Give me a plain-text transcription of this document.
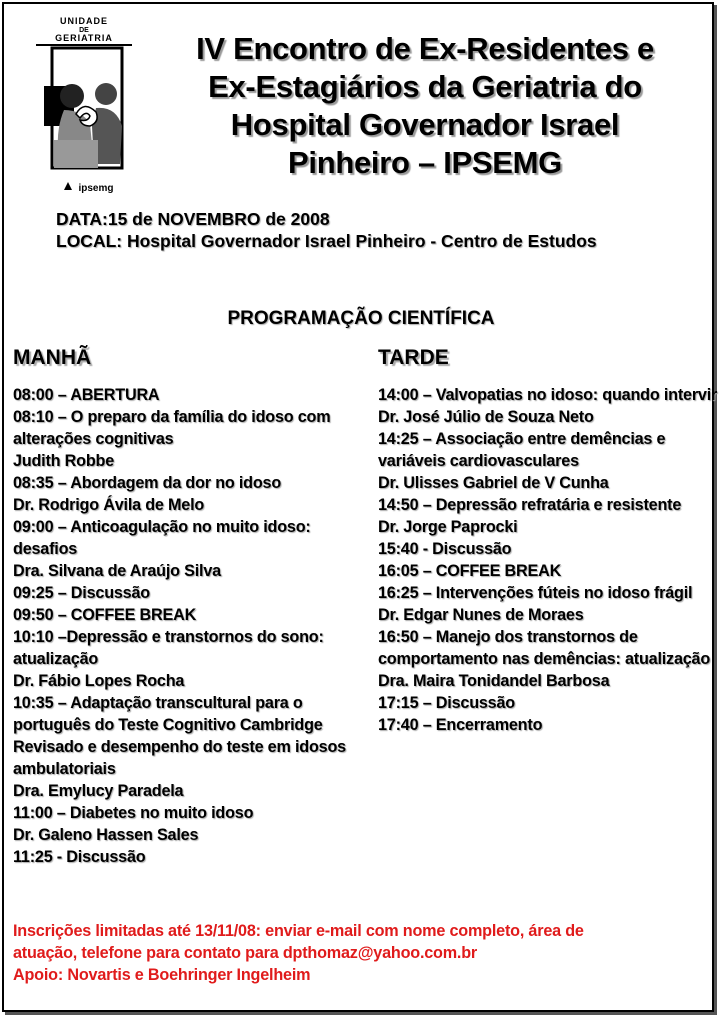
UNIDADE
DE
GERIATRIA
ipsemg
IV Encontro de Ex-Residentes e
Ex-Estagiários da Geriatria do
Hospital Governador Israel
Pinheiro – IPSEMG
DATA:15 de NOVEMBRO de 2008
LOCAL: Hospital Governador Israel Pinheiro - Centro de Estudos
PROGRAMAÇÃO CIENTÍFICA
MANHÃ
08:00 – ABERTURA
08:10 – O preparo da família do idoso com alterações cognitivas
Judith Robbe
08:35 – Abordagem da dor no idoso
Dr. Rodrigo Ávila de Melo
09:00 – Anticoagulação no muito idoso: desafios
Dra. Silvana de Araújo Silva
09:25 – Discussão
09:50 – COFFEE BREAK
10:10 –Depressão e transtornos do sono: atualização
Dr. Fábio Lopes Rocha
10:35 – Adaptação transcultural para o português do Teste Cognitivo Cambridge Revisado e desempenho do teste em idosos ambulatoriais
Dra. Emylucy Paradela
11:00 – Diabetes no muito idoso
Dr. Galeno Hassen Sales
11:25 - Discussão
TARDE
14:00 – Valvopatias no idoso: quando intervir
Dr. José Júlio de Souza Neto
14:25 – Associação entre demências e variáveis cardiovasculares
Dr. Ulisses Gabriel de V Cunha
14:50 – Depressão refratária e resistente
Dr. Jorge Paprocki
15:40 - Discussão
16:05 – COFFEE BREAK
16:25 – Intervenções fúteis no idoso frágil
Dr. Edgar Nunes de Moraes
16:50 – Manejo dos transtornos de comportamento nas demências: atualização
Dra. Maira Tonidandel Barbosa
17:15 – Discussão
17:40 – Encerramento
Inscrições limitadas até 13/11/08: enviar e-mail com nome completo, área de
atuação, telefone para contato para dpthomaz@yahoo.com.br
Apoio: Novartis e Boehringer Ingelheim
